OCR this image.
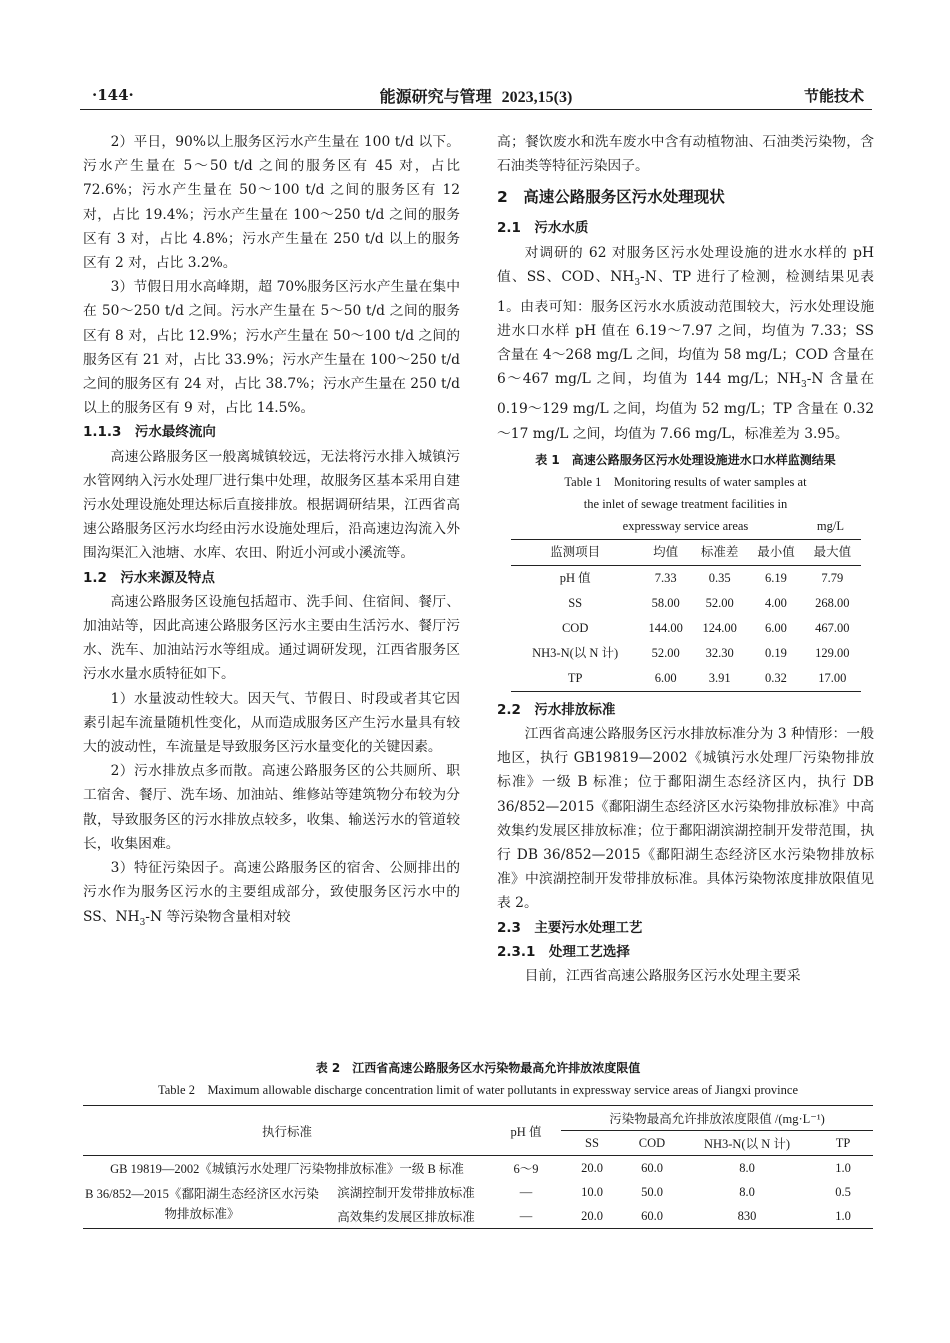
·144·	能源研究与管理 2023,15(3)	节能技术

2）平日，90%以上服务区污水产生量在 100 t/d 以下。污水产生量在 5～50 t/d 之间的服务区有 45 对，占比 72.6%；污水产生量在 50～100 t/d 之间的服务区有 12 对，占比 19.4%；污水产生量在 100～250 t/d 之间的服务区有 3 对，占比 4.8%；污水产生量在 250 t/d 以上的服务区有 2 对，占比 3.2%。

3）节假日用水高峰期，超 70%服务区污水产生量在集中在 50～250 t/d 之间。污水产生量在 5～50 t/d 之间的服务区有 8 对，占比 12.9%；污水产生量在 50～100 t/d 之间的服务区有 21 对，占比 33.9%；污水产生量在 100～250 t/d 之间的服务区有 24 对，占比 38.7%；污水产生量在 250 t/d 以上的服务区有 9 对，占比 14.5%。

1.1.3　污水最终流向

高速公路服务区一般离城镇较远，无法将污水排入城镇污水管网纳入污水处理厂进行集中处理，故服务区基本采用自建污水处理设施处理达标后直接排放。根据调研结果，江西省高速公路服务区污水均经由污水设施处理后，沿高速边沟流入外围沟渠汇入池塘、水库、农田、附近小河或小溪流等。

1.2　污水来源及特点

高速公路服务区设施包括超市、洗手间、住宿间、餐厅、加油站等，因此高速公路服务区污水主要由生活污水、餐厅污水、洗车、加油站污水等组成。通过调研发现，江西省服务区污水水量水质特征如下。

1）水量波动性较大。因天气、节假日、时段或者其它因素引起车流量随机性变化，从而造成服务区产生污水量具有较大的波动性，车流量是导致服务区污水量变化的关键因素。

2）污水排放点多而散。高速公路服务区的公共厕所、职工宿舍、餐厅、洗车场、加油站、维修站等建筑物分布较为分散，导致服务区的污水排放点较多，收集、输送污水的管道较长，收集困难。

3）特征污染因子。高速公路服务区的宿舍、公厕排出的污水作为服务区污水的主要组成部分，致使服务区污水中的 SS、$NH_3-N$ 等污染物含量相对较

高；餐饮废水和洗车废水中含有动植物油、石油类污染物，含石油类等特征污染因子。

2　高速公路服务区污水处理现状
2.1　污水水质

对调研的 62 对服务区污水处理设施的进水水样的 pH 值、SS、COD、$NH_3-N$、TP 进行了检测，检测结果见表 1。由表可知：服务区污水水质波动范围较大，污水处理设施进水口水样 pH 值在 6.19～7.97 之间，均值为 7.33；SS 含量在 4～268 mg/L 之间，均值为 58 mg/L；COD 含量在 6～467 mg/L 之间，均值为 144 mg/L；$NH_3-N$ 含量在 0.19～129 mg/L 之间，均值为 52 mg/L；TP 含量在 0.32～17 mg/L 之间，均值为 7.66 mg/L，标准差为 3.95。

表 1　高速公路服务区污水处理设施进水口水样监测结果
Table 1　Monitoring results of water samples at
the inlet of sewage treatment facilities in
expressway service areas	mg/L
监测项目	均值	标准差	最小值	最大值
pH 值	7.33	0.35	6.19	7.79
SS	58.00	52.00	4.00	268.00
COD	144.00	124.00	6.00	467.00
NH3-N(以 N 计)	52.00	32.30	0.19	129.00
TP	6.00	3.91	0.32	17.00
2.2　污水排放标准

江西省高速公路服务区污水排放标准分为 3 种情形：一般地区，执行 GB19819—2002《城镇污水处理厂污染物排放标准》一级 B 标准；位于鄱阳湖生态经济区内，执行 DB 36/852—2015《鄱阳湖生态经济区水污染物排放标准》中高效集约发展区排放标准；位于鄱阳湖滨湖控制开发带范围，执行 DB 36/852—2015《鄱阳湖生态经济区水污染物排放标准》中滨湖控制开发带排放标准。具体污染物浓度排放限值见表 2。

2.3　主要污水处理工艺
2.3.1　处理工艺选择

目前，江西省高速公路服务区污水处理主要采

表 2　江西省高速公路服务区水污染物最高允许排放浓度限值
Table 2　Maximum allowable discharge concentration limit of water pollutants in expressway service areas of Jiangxi province
执行标准		pH 值	污染物最高允许排放浓度限值 /(mg·L⁻¹)			
			SS	COD	NH3-N(以 N 计)	TP
GB 19819—2002《城镇污水处理厂污染物排放标准》一级 B 标准		6～9	20.0	60.0	8.0	1.0
B 36/852—2015《鄱阳湖生态经济区水污染物排放标准》	滨湖控制开发带排放标准	—	10.0	50.0	8.0	0.5
	高效集约发展区排放标准	—	20.0	60.0	830	1.0
